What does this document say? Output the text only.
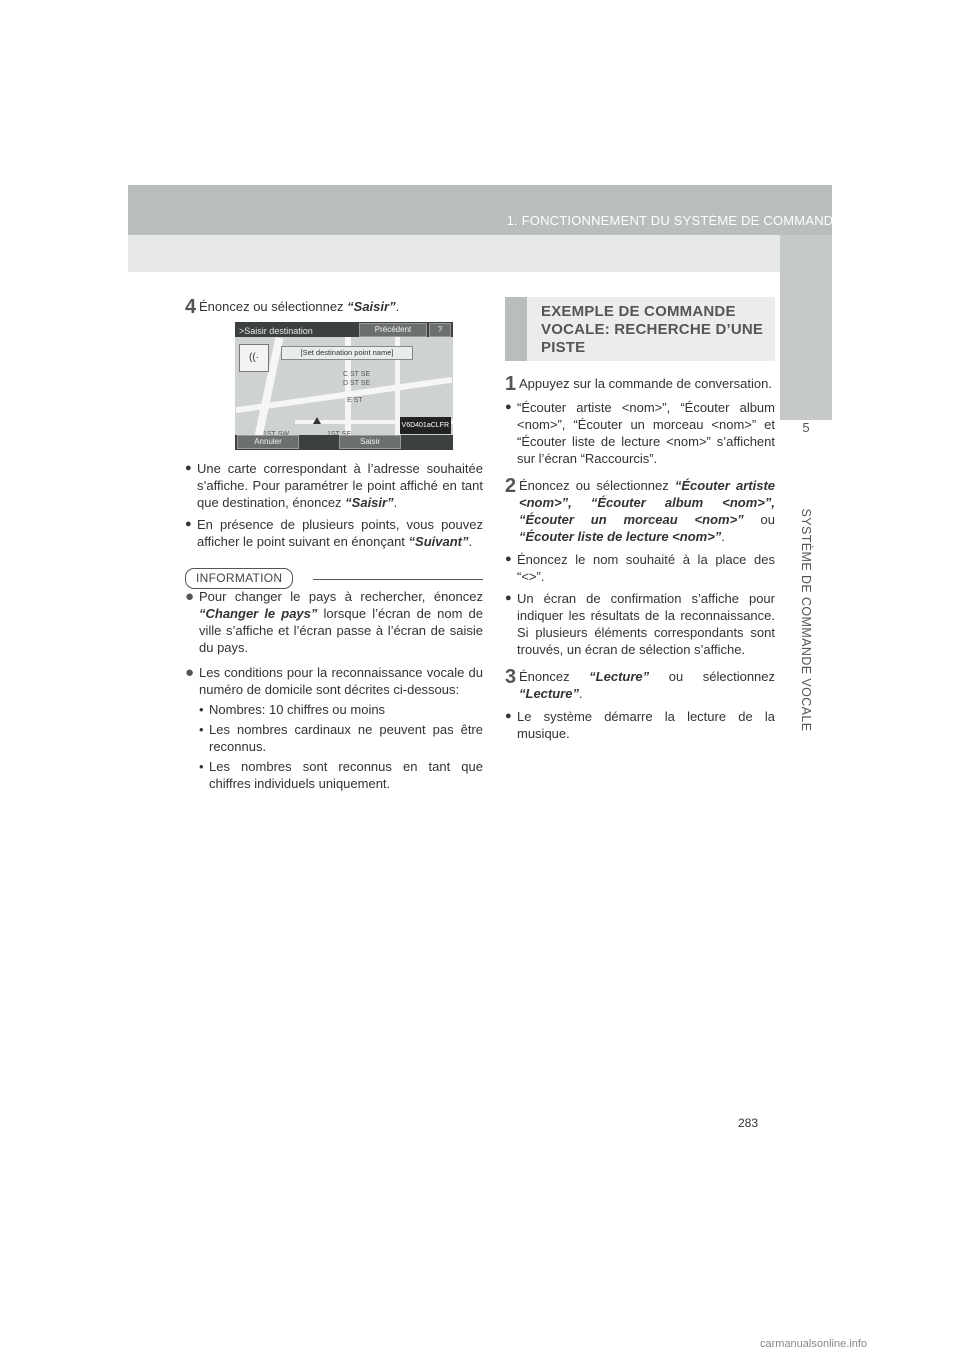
1. FONCTIONNEMENT DU SYSTÈME DE COMMANDE VOCALE
5
SYSTÈME DE COMMANDE VOCALE
4 Énoncez ou sélectionnez “Saisir”.
>Saisir destination	Précédent	?
((·	[Set destination point name]
C ST SE
D ST SE
E ST
V6D401aCLFR
Annuler	Saisir
● Une carte correspondant à l’adresse souhaitée s’affiche. Pour paramétrer le point affiché en tant que destination, énoncez “Saisir”.
● En présence de plusieurs points, vous pouvez afficher le point suivant en énonçant “Suivant”.
INFORMATION
● Pour changer le pays à rechercher, énoncez “Changer le pays” lorsque l’écran de nom de ville s’affiche et l’écran passe à l’écran de saisie du pays.
● Les conditions pour la reconnaissance vocale du numéro de domicile sont décrites ci-dessous:
• Nombres: 10 chiffres ou moins
• Les nombres cardinaux ne peuvent pas être reconnus.
• Les nombres sont reconnus en tant que chiffres individuels uniquement.
EXEMPLE DE COMMANDE VOCALE: RECHERCHE D’UNE PISTE
1 Appuyez sur la commande de conversation.
● “Écouter artiste <nom>”, “Écouter album <nom>”, “Écouter un morceau <nom>” et “Écouter liste de lecture <nom>” s’affichent sur l’écran “Raccourcis”.
2 Énoncez ou sélectionnez “Écouter artiste <nom>”, “Écouter album <nom>”, “Écouter un morceau <nom>” ou “Écouter liste de lecture <nom>”.
● Énoncez le nom souhaité à la place des “<>”.
● Un écran de confirmation s’affiche pour indiquer les résultats de la reconnaissance. Si plusieurs éléments correspondants sont trouvés, un écran de sélection s’affiche.
3 Énoncez “Lecture” ou sélectionnez “Lecture”.
● Le système démarre la lecture de la musique.
283
carmanualsonline.info
